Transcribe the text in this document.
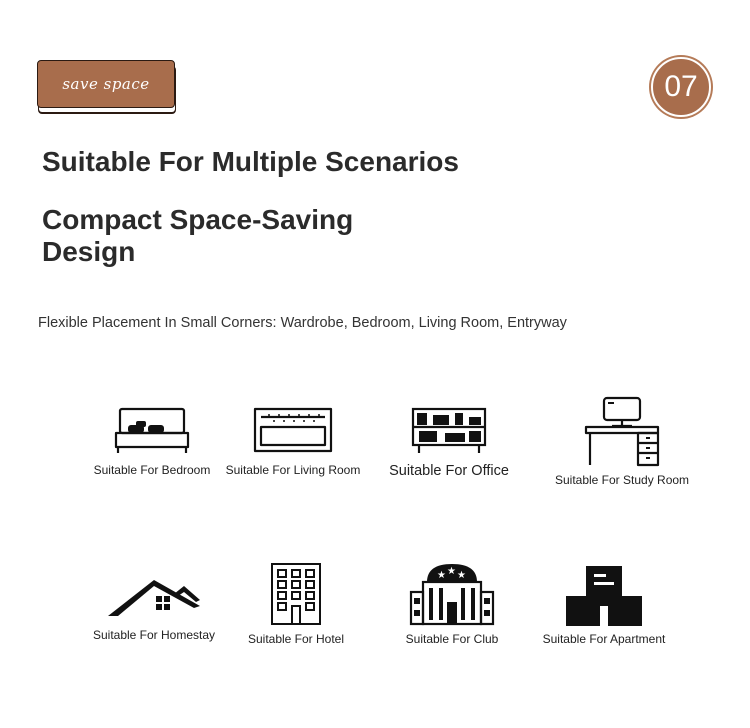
save space	07
Suitable For Multiple Scenarios
Compact Space-Saving Design
Flexible Placement In Small Corners: Wardrobe, Bedroom, Living Room, Entryway
Suitable For Bedroom	Suitable For Living Room	Suitable For Office
Suitable For Study Room
Suitable For Homestay	Suitable For Hotel
★ ★ ★
Suitable For Club	Suitable For Apartment
